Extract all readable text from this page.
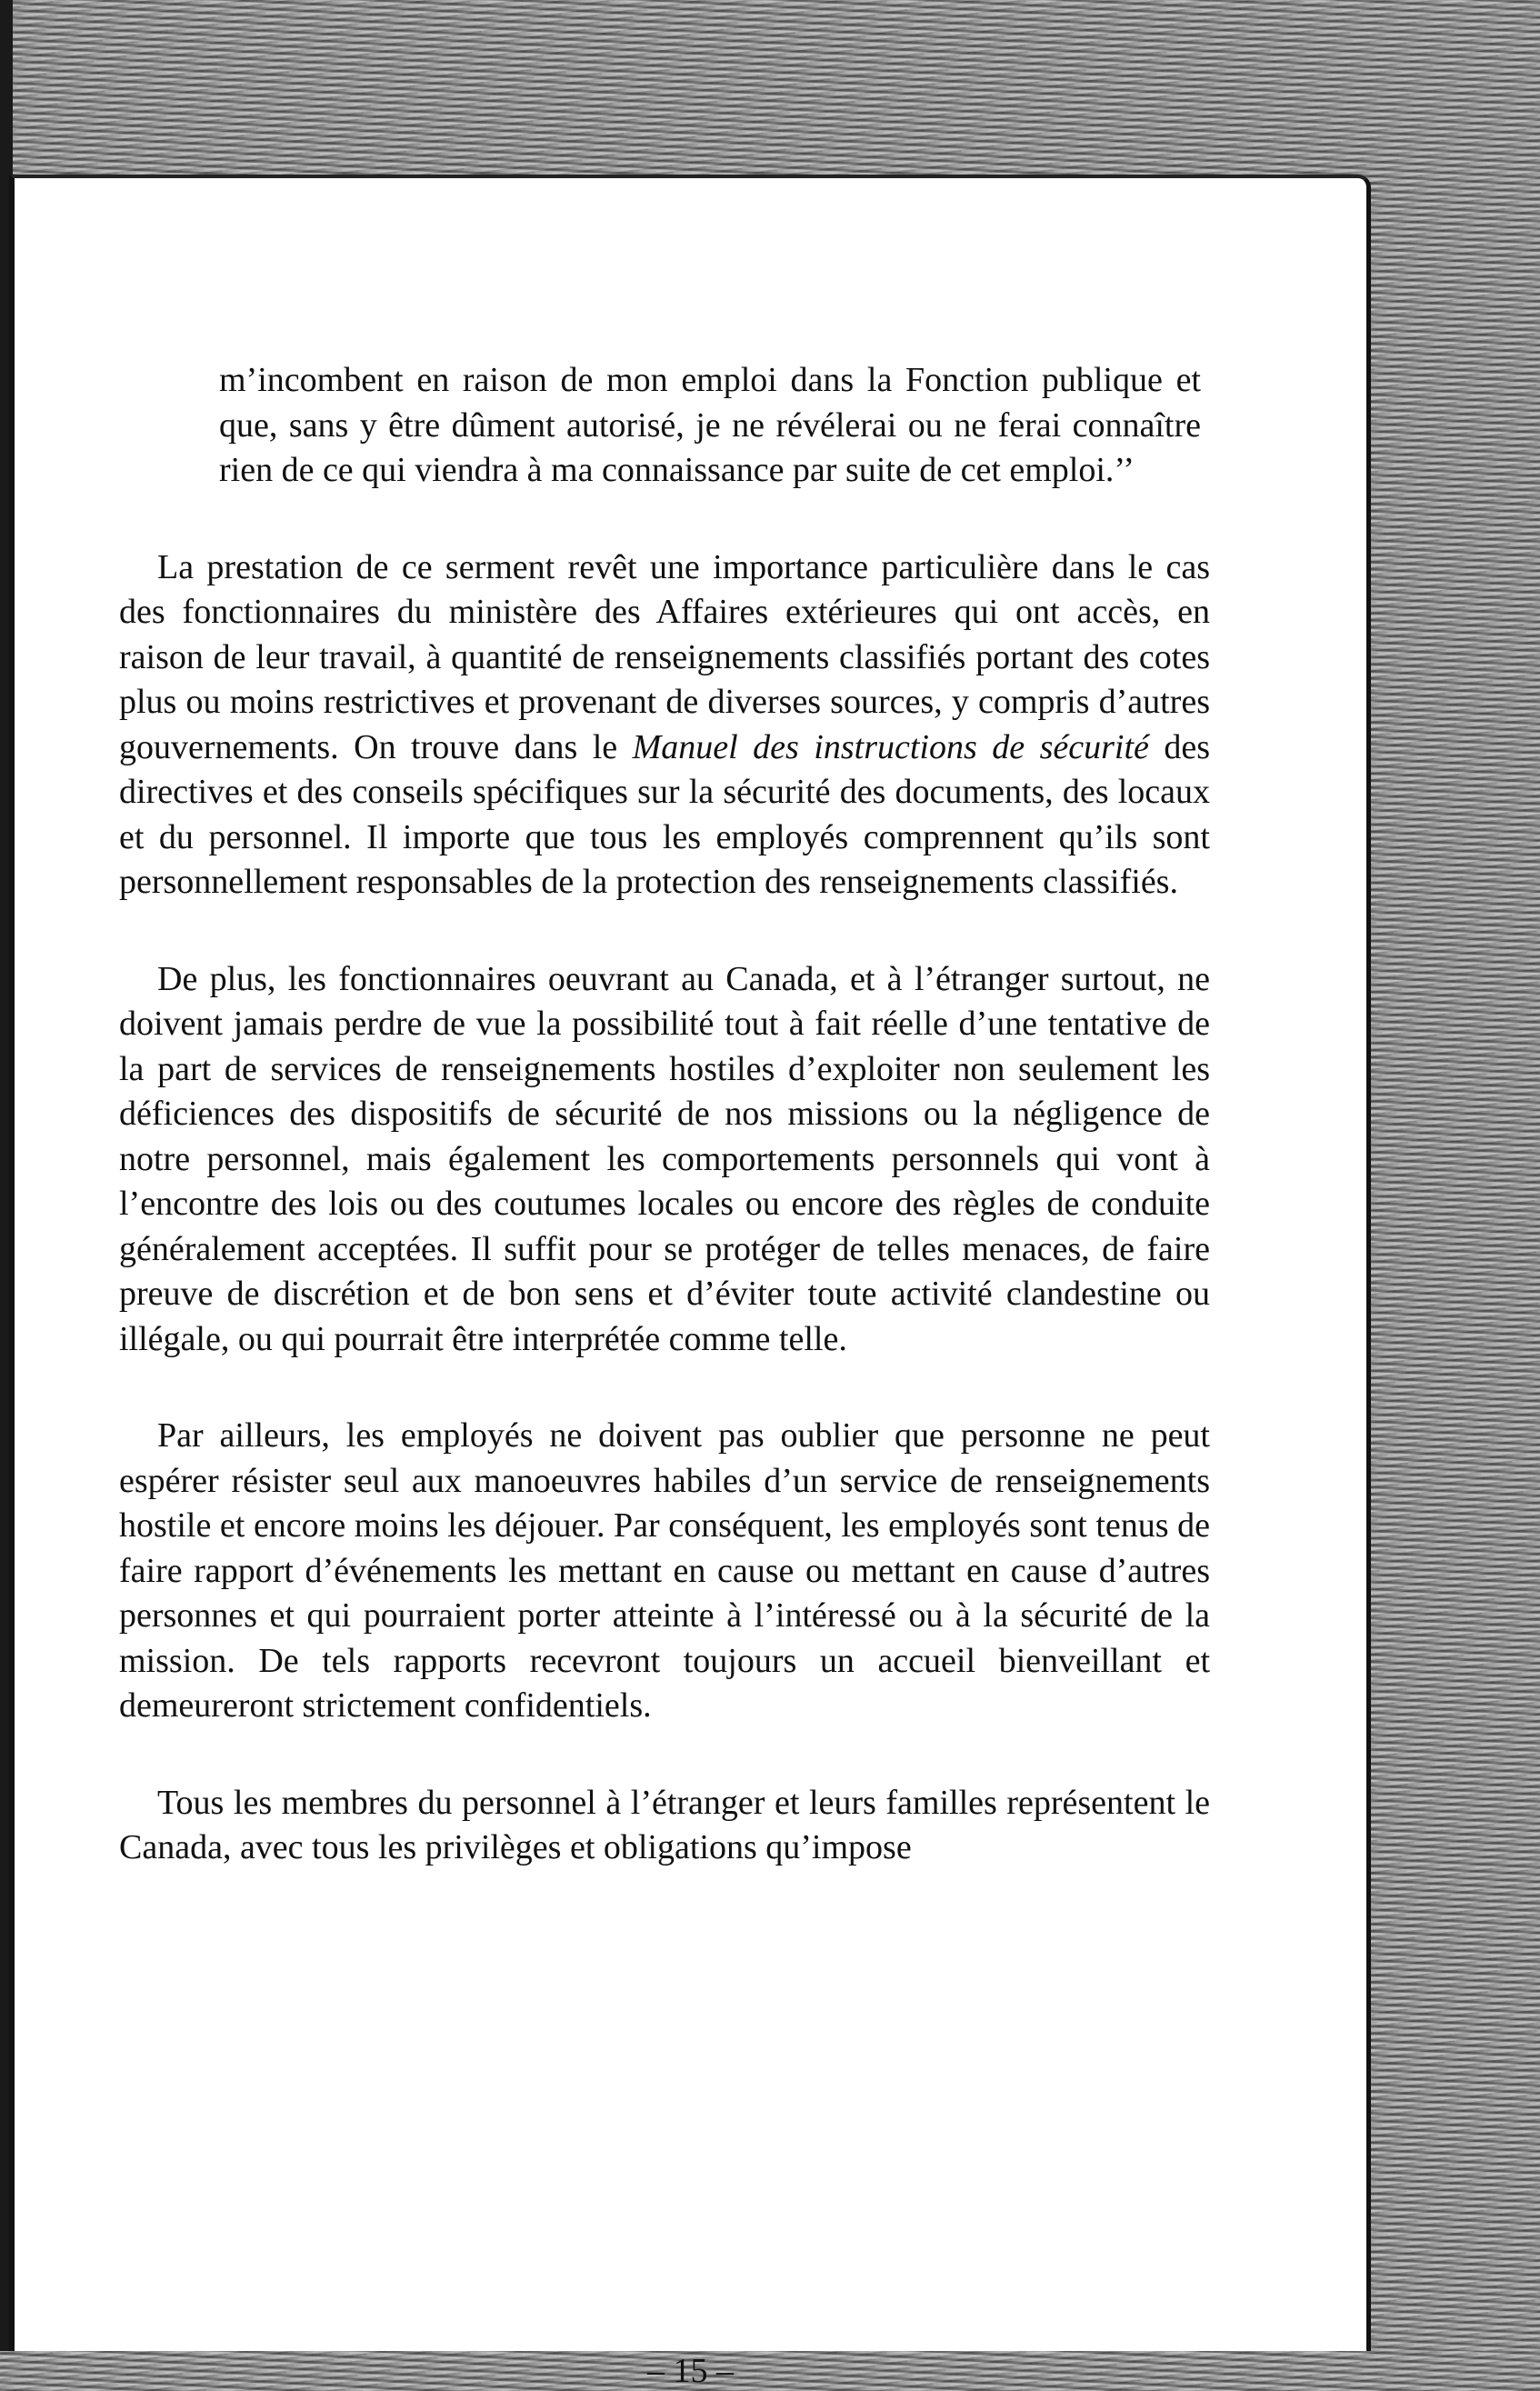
m’incombent en raison de mon emploi dans la Fonction publique et que, sans y être dûment autorisé, je ne révélerai ou ne ferai connaître rien de ce qui viendra à ma connaissance par suite de cet emploi.’’

La prestation de ce serment revêt une importance particulière dans le cas des fonctionnaires du ministère des Affaires extérieures qui ont accès, en raison de leur travail, à quantité de renseignements classifiés portant des cotes plus ou moins restrictives et provenant de diverses sources, y compris d’autres gouvernements. On trouve dans le Manuel des instructions de sécurité des directives et des conseils spécifiques sur la sécurité des documents, des locaux et du personnel. Il importe que tous les employés comprennent qu’ils sont personnellement responsables de la protection des renseignements classifiés.

De plus, les fonctionnaires oeuvrant au Canada, et à l’étranger surtout, ne doivent jamais perdre de vue la possibilité tout à fait réelle d’une tentative de la part de services de renseignements hostiles d’exploiter non seulement les déficiences des dispositifs de sécurité de nos missions ou la négligence de notre personnel, mais également les comportements personnels qui vont à l’encontre des lois ou des coutumes locales ou encore des règles de conduite généralement acceptées. Il suffit pour se protéger de telles menaces, de faire preuve de discrétion et de bon sens et d’éviter toute activité clandestine ou illégale, ou qui pourrait être interprétée comme telle.

Par ailleurs, les employés ne doivent pas oublier que personne ne peut espérer résister seul aux manoeuvres habiles d’un service de renseignements hostile et encore moins les déjouer. Par conséquent, les employés sont tenus de faire rapport d’événements les mettant en cause ou mettant en cause d’autres personnes et qui pourraient porter atteinte à l’intéressé ou à la sécurité de la mission. De tels rapports recevront toujours un accueil bienveillant et demeureront strictement confidentiels.

Tous les membres du personnel à l’étranger et leurs familles représentent le Canada, avec tous les privilèges et obligations qu’impose

– 15 –
